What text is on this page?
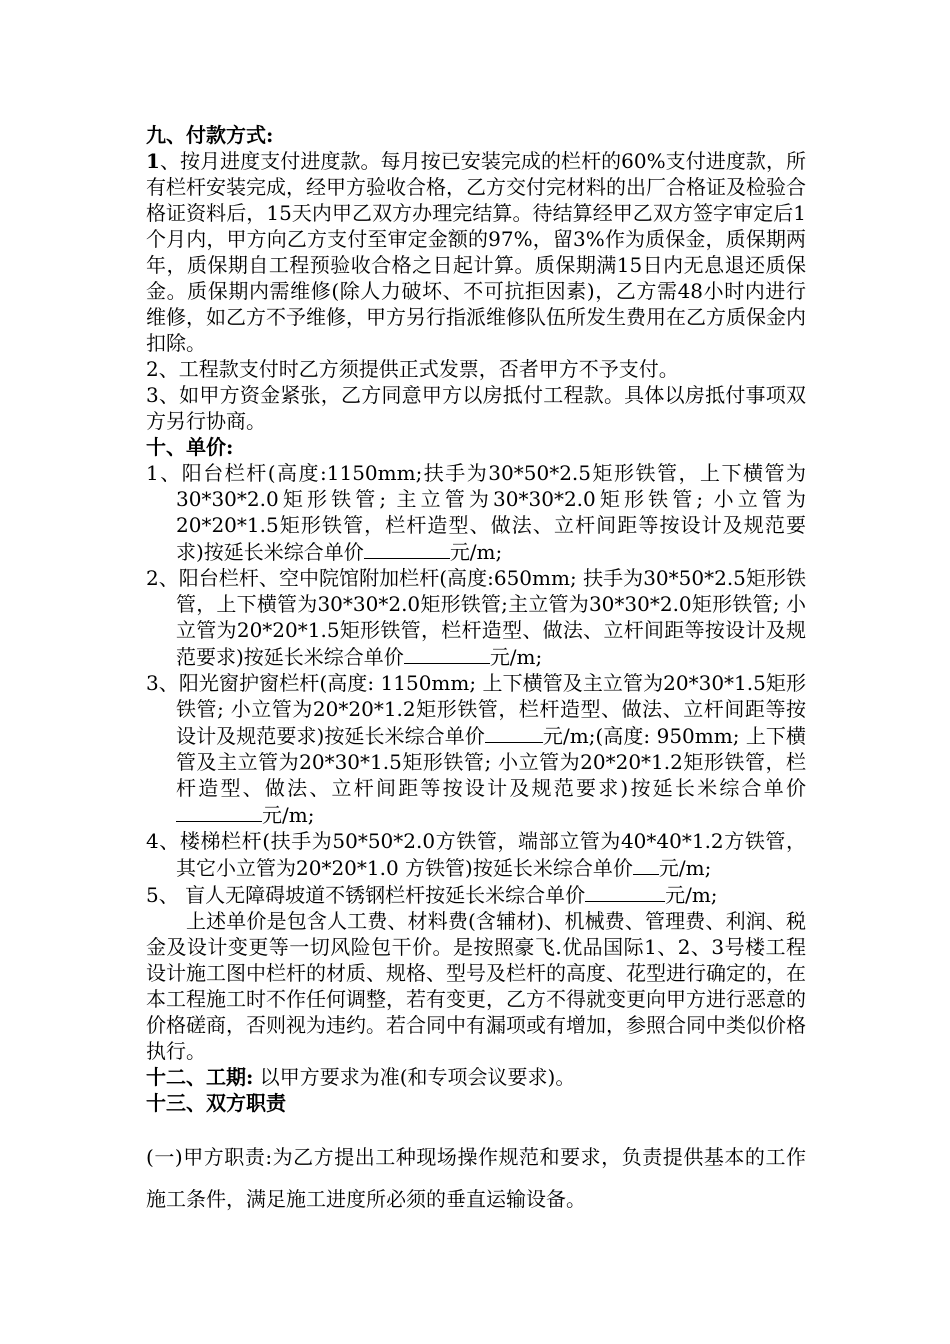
九、付款方式:
1、按月进度支付进度款。每月按已安装完成的栏杆的60%支付进度款，所有栏杆安装完成，经甲方验收合格，乙方交付完材料的出厂合格证及检验合格证资料后，15天内甲乙双方办理完结算。待结算经甲乙双方签字审定后1个月内，甲方向乙方支付至审定金额的97%，留3%作为质保金，质保期两年，质保期自工程预验收合格之日起计算。质保期满15日内无息退还质保金。质保期内需维修(除人力破坏、不可抗拒因素)，乙方需48小时内进行维修，如乙方不予维修，甲方另行指派维修队伍所发生费用在乙方质保金内扣除。
2、工程款支付时乙方须提供正式发票，否者甲方不予支付。
3、如甲方资金紧张，乙方同意甲方以房抵付工程款。具体以房抵付事项双方另行协商。
十、单价:
1、阳台栏杆(高度:1150mm;扶手为30*50*2.5矩形铁管，上下横管为30*30*2.0矩形铁管; 主立管为30*30*2.0矩形铁管; 小立管为20*20*1.5矩形铁管，栏杆造型、做法、立杆间距等按设计及规范要求)按延长米综合单价	元/m;
2、阳台栏杆、空中院馆附加栏杆(高度:650mm; 扶手为30*50*2.5矩形铁管，上下横管为30*30*2.0矩形铁管;主立管为30*30*2.0矩形铁管; 小立管为20*20*1.5矩形铁管，栏杆造型、做法、立杆间距等按设计及规范要求)按延长米综合单价	元/m;
3、阳光窗护窗栏杆(高度: 1150mm; 上下横管及主立管为20*30*1.5矩形铁管; 小立管为20*20*1.2矩形铁管，栏杆造型、做法、立杆间距等按设计及规范要求)按延长米综合单价	元/m;(高度: 950mm; 上下横管及主立管为20*30*1.5矩形铁管; 小立管为20*20*1.2矩形铁管，栏杆造型、做法、立杆间距等按设计及规范要求)按延长米综合单价元/m;
4、楼梯栏杆(扶手为50*50*2.0方铁管，端部立管为40*40*1.2方铁管，其它小立管为20*20*1.0 方铁管)按延长米综合单价 元/m;
5、 盲人无障碍坡道不锈钢栏杆按延长米综合单价	元/m;
上述单价是包含人工费、材料费(含辅材)、机械费、管理费、利润、税金及设计变更等一切风险包干价。是按照豪飞.优品国际1、2、3号楼工程设计施工图中栏杆的材质、规格、型号及栏杆的高度、花型进行确定的，在本工程施工时不作任何调整，若有变更，乙方不得就变更向甲方进行恶意的价格磋商，否则视为违约。若合同中有漏项或有增加，参照合同中类似价格执行。
十二、工期: 以甲方要求为准(和专项会议要求)。
十三、双方职责
(一)甲方职责:为乙方提出工种现场操作规范和要求，负责提供基本的工作施工条件，满足施工进度所必须的垂直运输设备。
